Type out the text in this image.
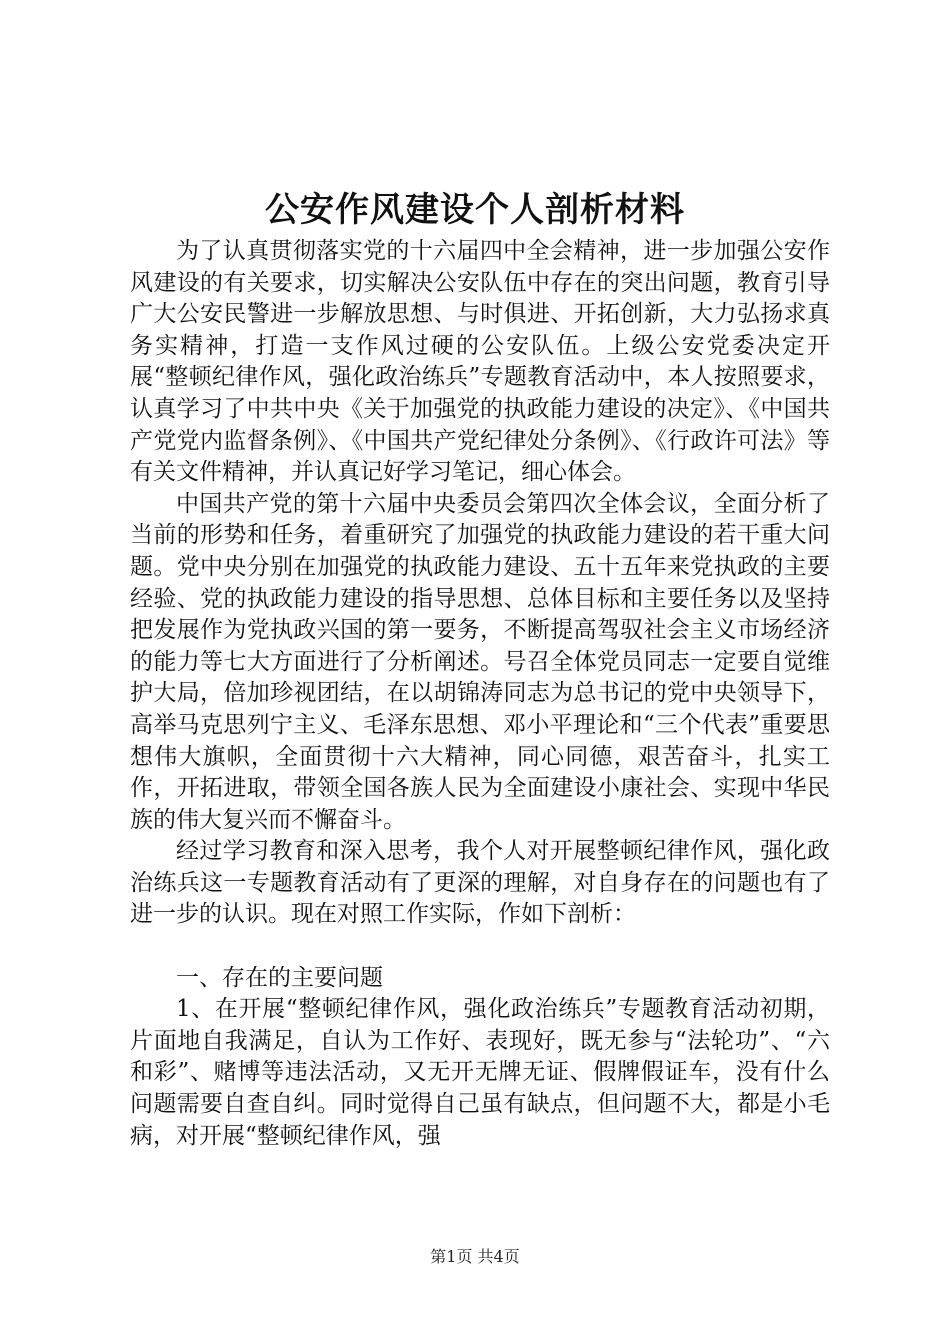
公安作风建设个人剖析材料

为了认真贯彻落实党的十六届四中全会精神，进一步加强公安作风建设的有关要求，切实解决公安队伍中存在的突出问题，教育引导广大公安民警进一步解放思想、与时俱进、开拓创新，大力弘扬求真务实精神，打造一支作风过硬的公安队伍。上级公安党委决定开展“整顿纪律作风，强化政治练兵”专题教育活动中，本人按照要求，认真学习了中共中央《关于加强党的执政能力建设的决定》、《中国共产党党内监督条例》、《中国共产党纪律处分条例》、《行政许可法》等有关文件精神，并认真记好学习笔记，细心体会。

中国共产党的第十六届中央委员会第四次全体会议，全面分析了当前的形势和任务，着重研究了加强党的执政能力建设的若干重大问题。党中央分别在加强党的执政能力建设、五十五年来党执政的主要经验、党的执政能力建设的指导思想、总体目标和主要任务以及坚持把发展作为党执政兴国的第一要务，不断提高驾驭社会主义市场经济的能力等七大方面进行了分析阐述。号召全体党员同志一定要自觉维护大局，倍加珍视团结，在以胡锦涛同志为总书记的党中央领导下，高举马克思列宁主义、毛泽东思想、邓小平理论和“三个代表”重要思想伟大旗帜，全面贯彻十六大精神，同心同德，艰苦奋斗，扎实工作，开拓进取，带领全国各族人民为全面建设小康社会、实现中华民族的伟大复兴而不懈奋斗。

经过学习教育和深入思考，我个人对开展整顿纪律作风，强化政治练兵这一专题教育活动有了更深的理解，对自身存在的问题也有了进一步的认识。现在对照工作实际，作如下剖析：

一、存在的主要问题

1、在开展“整顿纪律作风，强化政治练兵”专题教育活动初期，片面地自我满足，自认为工作好、表现好，既无参与“法轮功”、“六和彩”、赌博等违法活动，又无开无牌无证、假牌假证车，没有什么问题需要自查自纠。同时觉得自己虽有缺点，但问题不大，都是小毛病，对开展“整顿纪律作风，强

第1页 共4页
